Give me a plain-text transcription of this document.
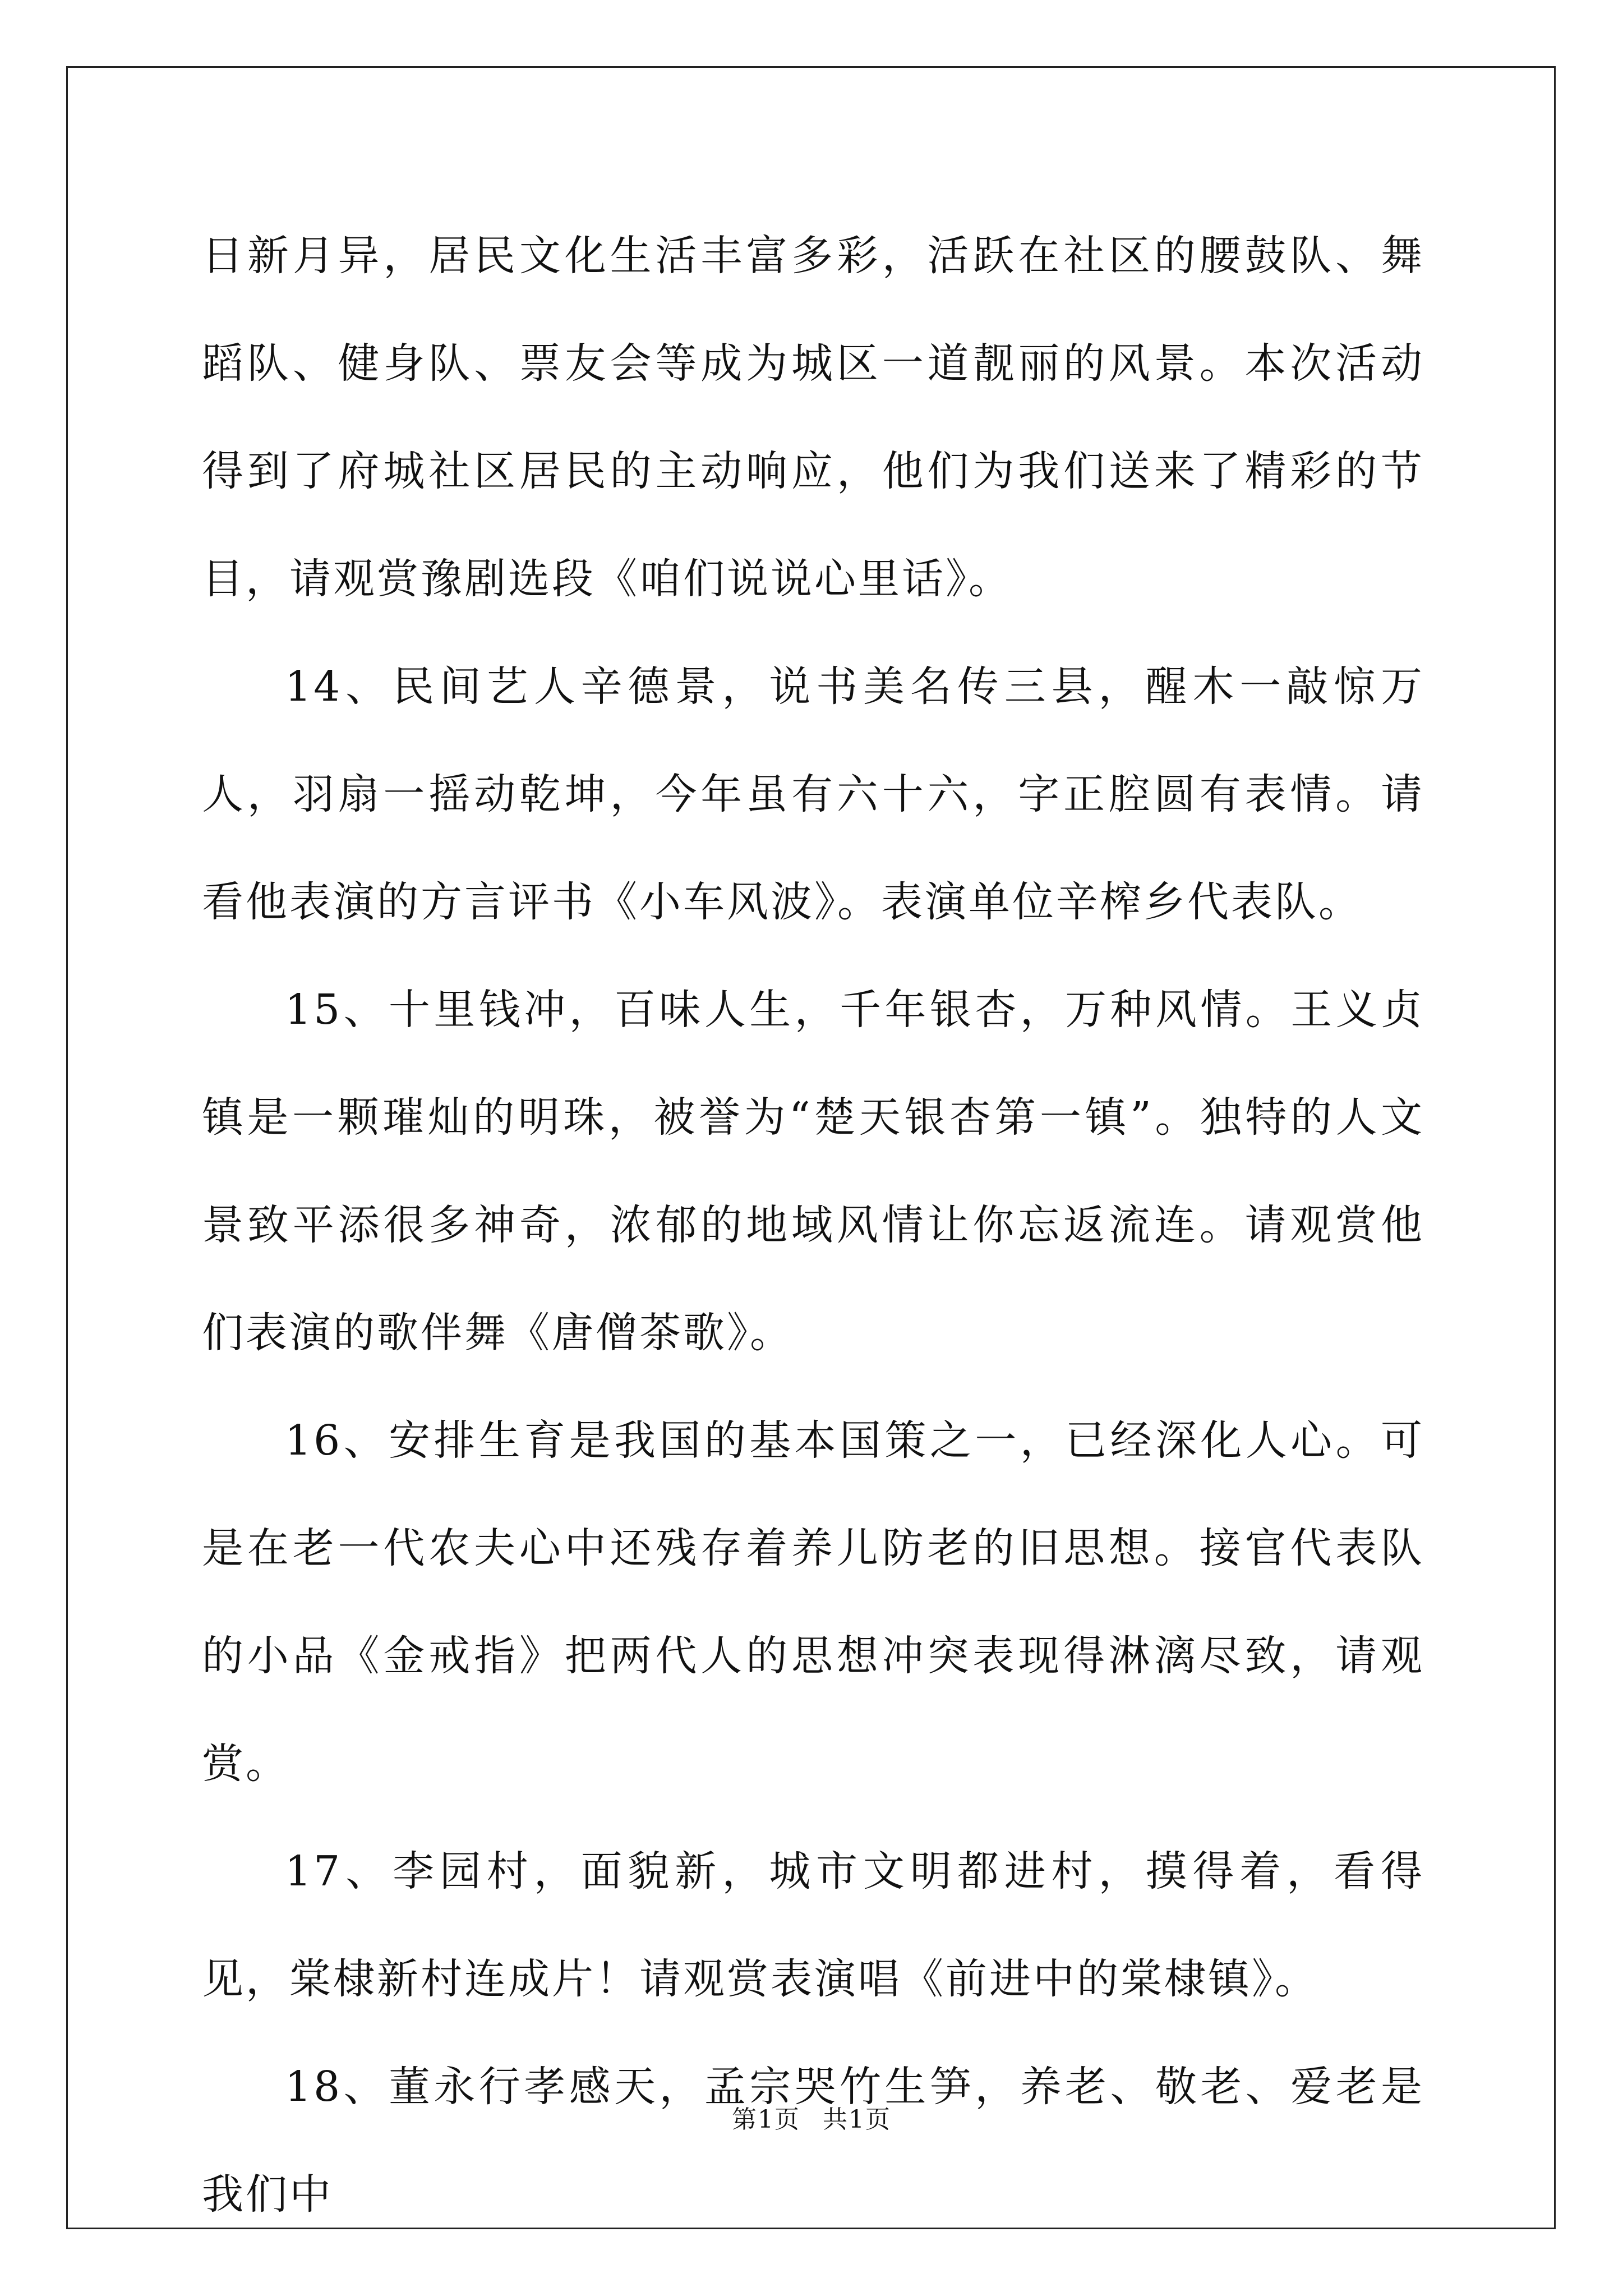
日新月异，居民文化生活丰富多彩，活跃在社区的腰鼓队、舞蹈队、健身队、票友会等成为城区一道靓丽的风景。本次活动得到了府城社区居民的主动响应，他们为我们送来了精彩的节目，请观赏豫剧选段《咱们说说心里话》。

14、民间艺人辛德景，说书美名传三县，醒木一敲惊万人，羽扇一摇动乾坤，今年虽有六十六，字正腔圆有表情。请看他表演的方言评书《小车风波》。表演单位辛榨乡代表队。

15、十里钱冲，百味人生，千年银杏，万种风情。王义贞镇是一颗璀灿的明珠，被誉为“楚天银杏第一镇”。独特的人文景致平添很多神奇，浓郁的地域风情让你忘返流连。请观赏他们表演的歌伴舞《唐僧茶歌》。

16、安排生育是我国的基本国策之一，已经深化人心。可是在老一代农夫心中还残存着养儿防老的旧思想。接官代表队的小品《金戒指》把两代人的思想冲突表现得淋漓尽致，请观赏。

17、李园村，面貌新，城市文明都进村，摸得着，看得见，棠棣新村连成片！请观赏表演唱《前进中的棠棣镇》。

18、董永行孝感天，孟宗哭竹生笋，养老、敬老、爱老是我们中

第1页 共1页
